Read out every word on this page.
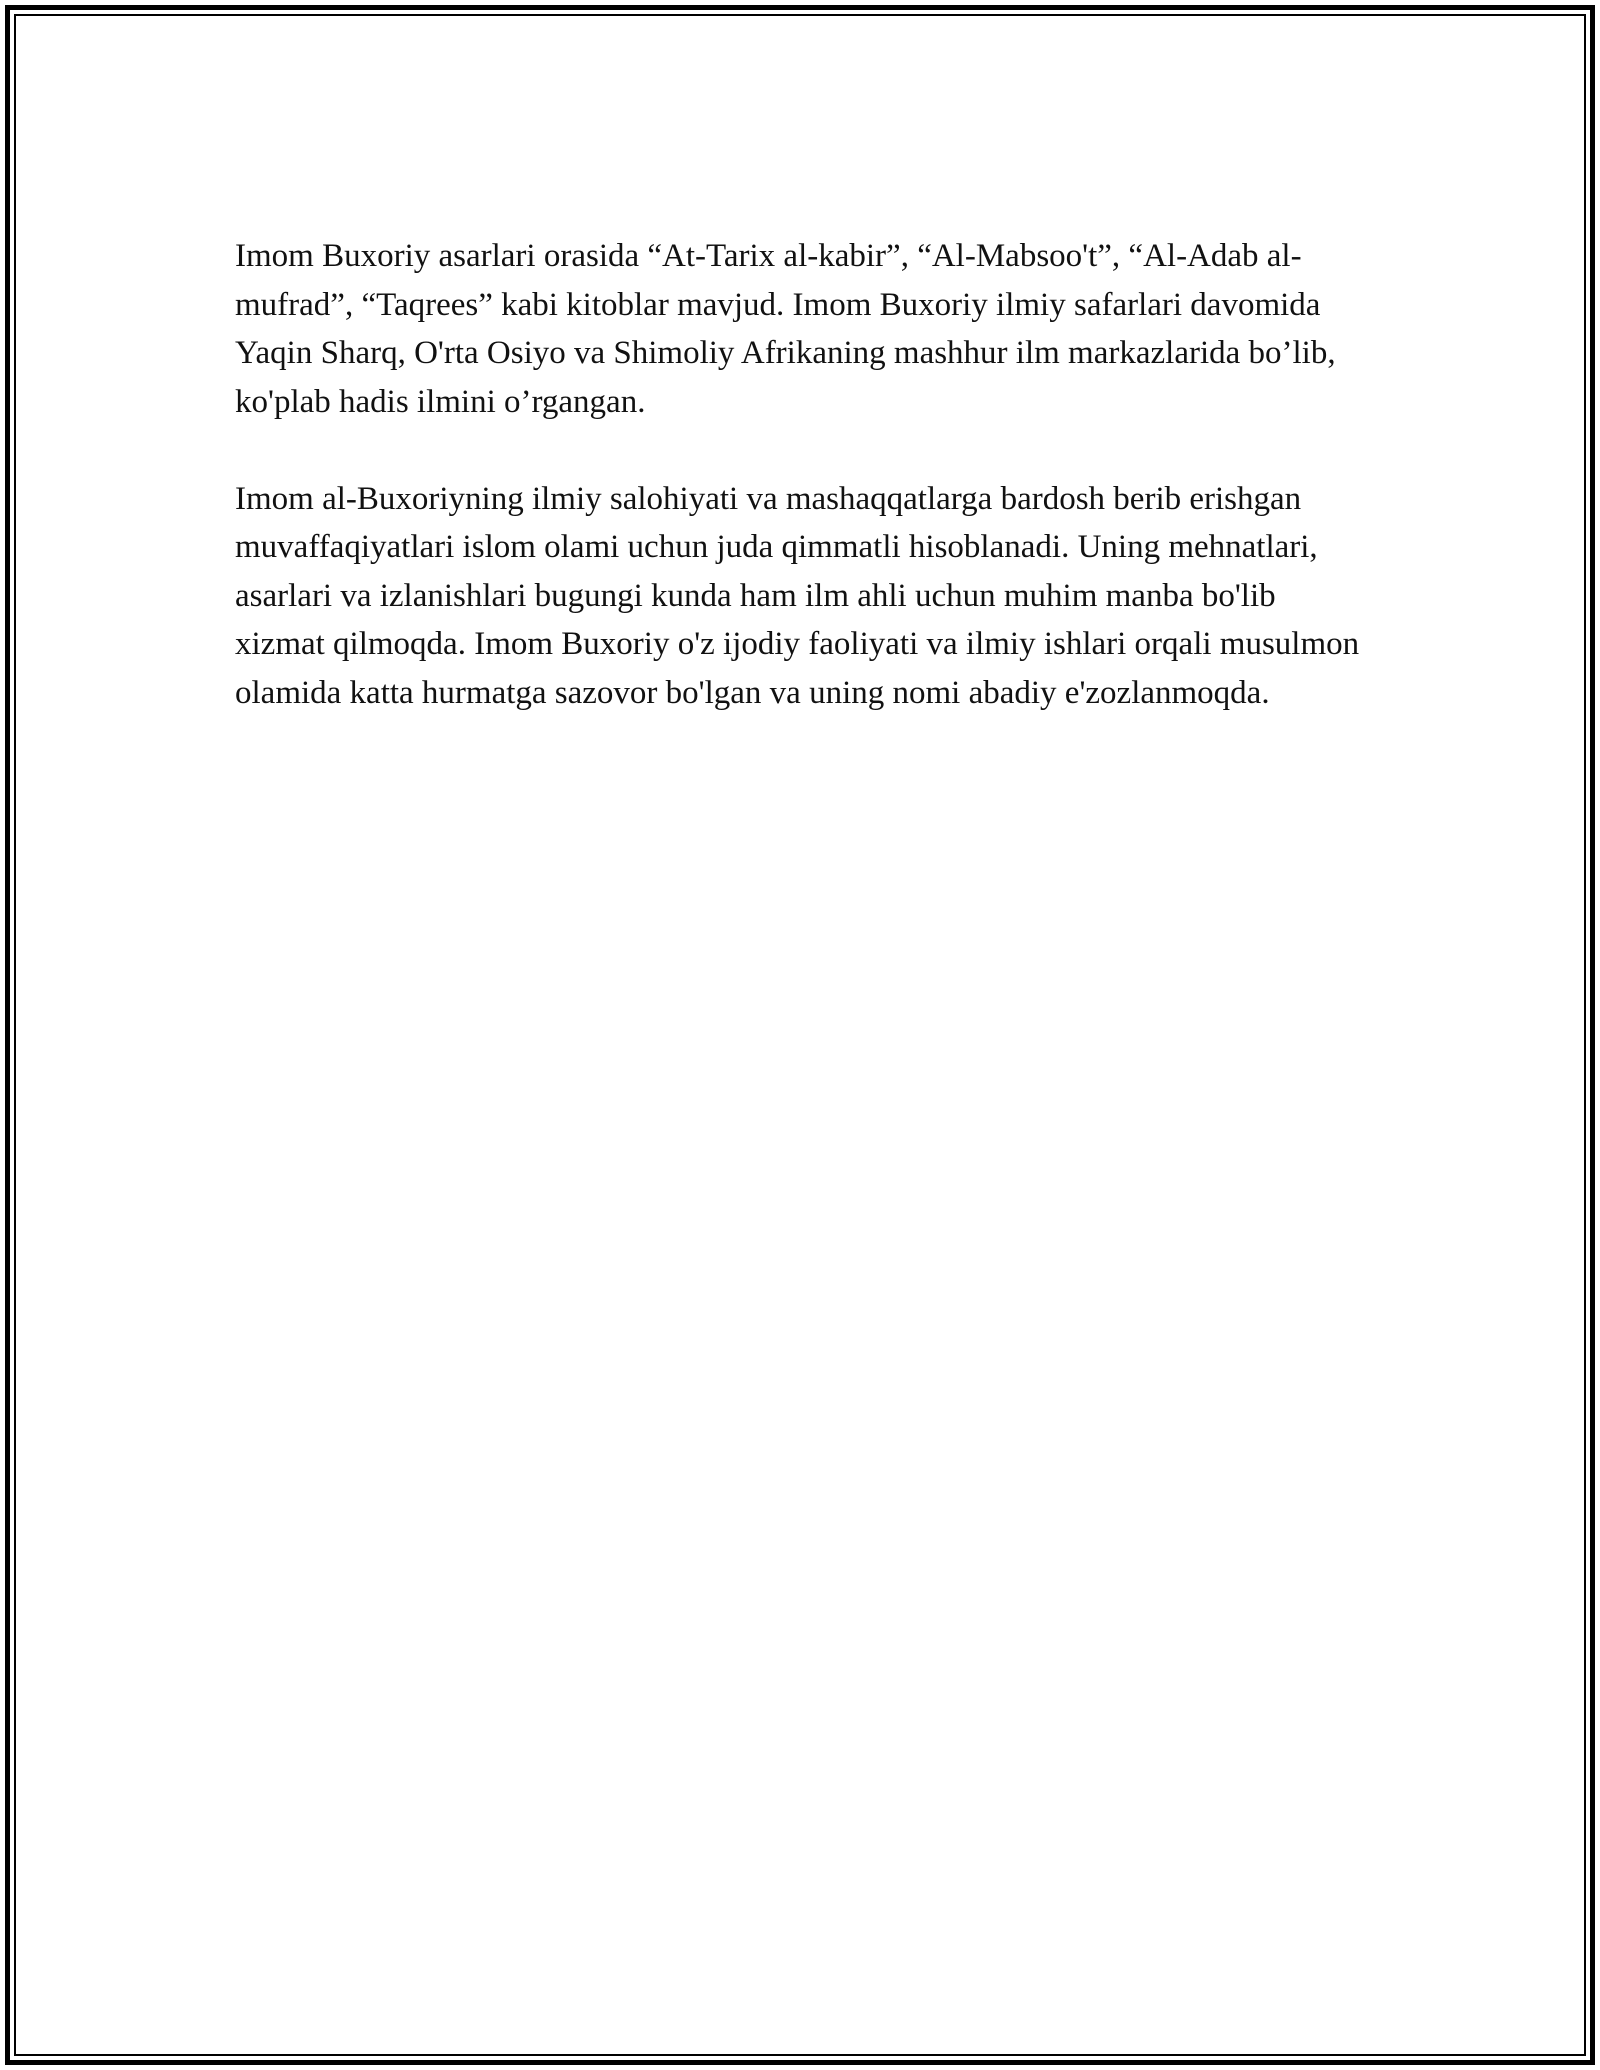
Imom Buxoriy asarlari orasida “At-Tarix al-kabir”, “Al-Mabsoo't”, “Al-Adab al-mufrad”, “Taqrees” kabi kitoblar mavjud. Imom Buxoriy ilmiy safarlari davomida Yaqin Sharq, O'rta Osiyo va Shimoliy Afrikaning mashhur ilm markazlarida bo’lib, ko'plab hadis ilmini o’rgangan.

Imom al-Buxoriyning ilmiy salohiyati va mashaqqatlarga bardosh berib erishgan muvaffaqiyatlari islom olami uchun juda qimmatli hisoblanadi. Uning mehnatlari, asarlari va izlanishlari bugungi kunda ham ilm ahli uchun muhim manba bo'lib xizmat qilmoqda. Imom Buxoriy o'z ijodiy faoliyati va ilmiy ishlari orqali musulmon olamida katta hurmatga sazovor bo'lgan va uning nomi abadiy e'zozlanmoqda.
